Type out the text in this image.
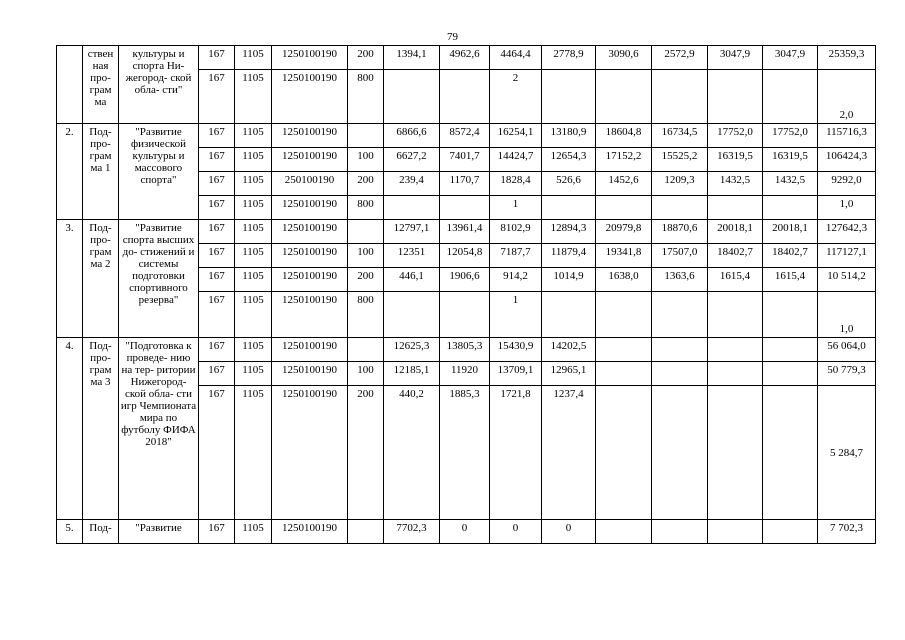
79
	ствен ная про- грам ма	культуры и спорта Ни- жегород- ской обла- сти"	167	1105	1250100190	200	1394,1	4962,6	4464,4	2778,9	3090,6	2572,9	3047,9	3047,9	25359,3
			167	1105	1250100190	800			2						2,0
2.	Под- про- грам ма 1	"Развитие физической культуры и массового спорта"	167	1105	1250100190		6866,6	8572,4	16254,1	13180,9	18604,8	16734,5	17752,0	17752,0	115716,3
			167	1105	1250100190	100	6627,2	7401,7	14424,7	12654,3	17152,2	15525,2	16319,5	16319,5	106424,3
			167	1105	250100190	200	239,4	1170,7	1828,4	526,6	1452,6	1209,3	1432,5	1432,5	9292,0
			167	1105	1250100190	800			1						1,0
3.	Под- про- грам ма 2	"Развитие спорта высших до- стижений и системы подготовки спортивного резерва"	167	1105	1250100190		12797,1	13961,4	8102,9	12894,3	20979,8	18870,6	20018,1	20018,1	127642,3
			167	1105	1250100190	100	12351	12054,8	7187,7	11879,4	19341,8	17507,0	18402,7	18402,7	117127,1
			167	1105	1250100190	200	446,1	1906,6	914,2	1014,9	1638,0	1363,6	1615,4	1615,4	10 514,2
			167	1105	1250100190	800			1						1,0
4.	Под- про- грам ма 3	"Подготовка к проведе- нию на тер- ритории Нижегород- ской обла- сти игр Чемпионата мира по футболу ФИФА 2018"	167	1105	1250100190		12625,3	13805,3	15430,9	14202,5					56 064,0
			167	1105	1250100190	100	12185,1	11920	13709,1	12965,1					50 779,3
			167	1105	1250100190	200	440,2	1885,3	1721,8	1237,4					5 284,7
5.	Под-	"Развитие	167	1105	1250100190		7702,3	0	0	0					7 702,3
